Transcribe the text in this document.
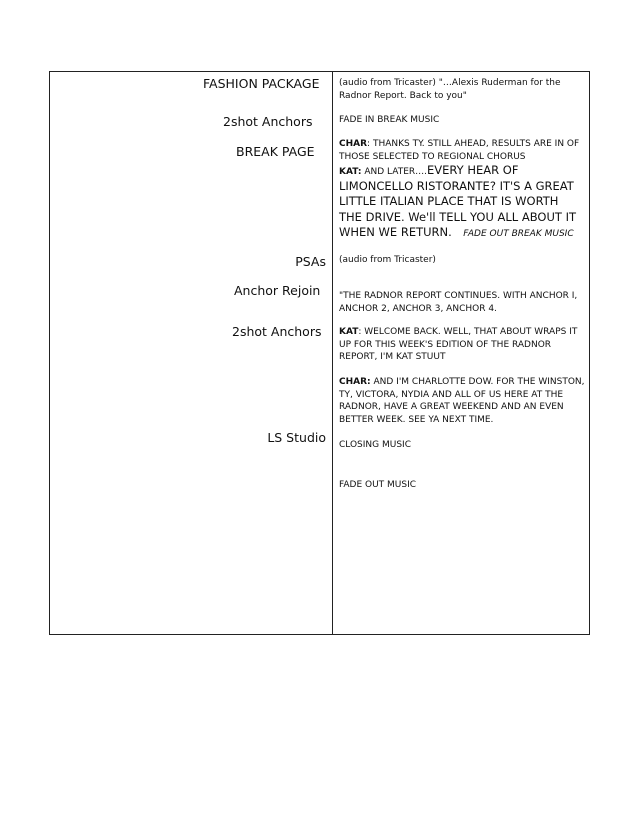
FASHION PACKAGE
2shot Anchors
BREAK PAGE
PSAs
Anchor Rejoin
2shot Anchors
LS Studio
(audio from Tricaster) "…Alexis Ruderman for the Radnor Report. Back to you"
FADE IN BREAK MUSIC

CHAR: THANKS TY. STILL AHEAD, RESULTS ARE IN OF THOSE SELECTED TO REGIONAL CHORUS

KAT: AND LATER….EVERY HEAR OF LIMONCELLO RISTORANTE? IT'S A GREAT LITTLE ITALIAN PLACE THAT IS WORTH THE DRIVE. We'll TELL YOU ALL ABOUT IT WHEN WE RETURN. FADE OUT BREAK MUSIC

(audio from Tricaster)
"THE RADNOR REPORT CONTINUES. WITH ANCHOR I, ANCHOR 2, ANCHOR 3, ANCHOR 4.
KAT: WELCOME BACK. WELL, THAT ABOUT WRAPS IT UP FOR THIS WEEK'S EDITION OF THE RADNOR REPORT, I'M KAT STUUT
CHAR: AND I'M CHARLOTTE DOW. FOR THE WINSTON, TY, VICTORA, NYDIA AND ALL OF US HERE AT THE RADNOR, HAVE A GREAT WEEKEND AND AN EVEN BETTER WEEK. SEE YA NEXT TIME.
CLOSING MUSIC
FADE OUT MUSIC
